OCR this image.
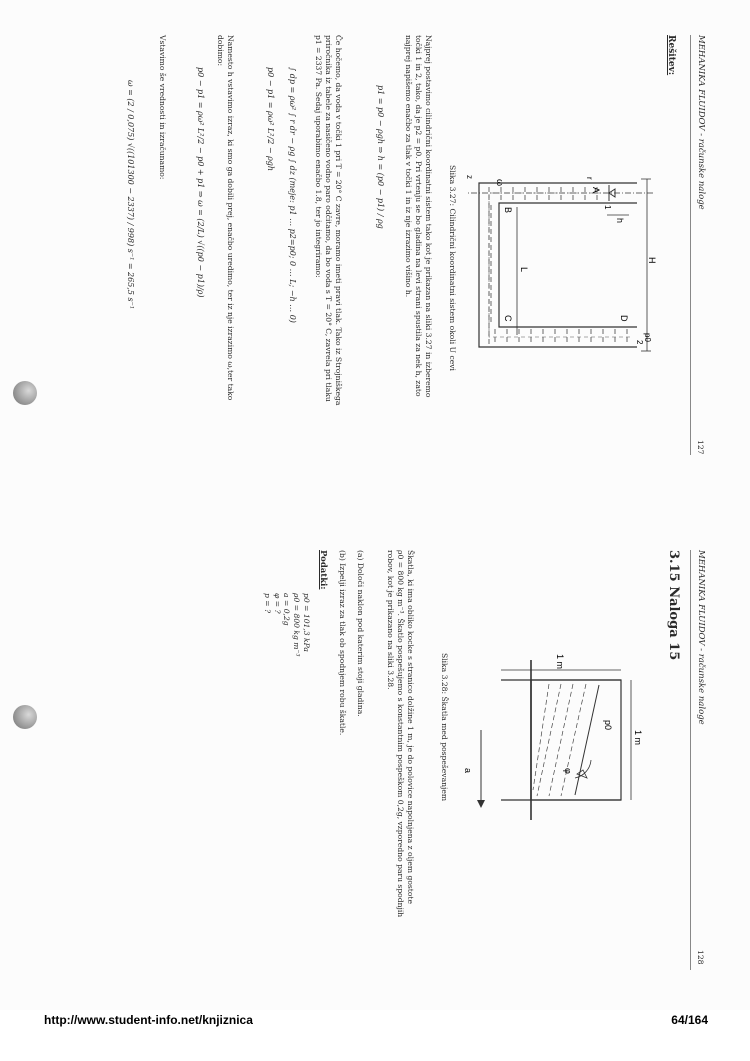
MEHANIKA FLUIDOV - računske naloge
127
Rešitev:
Najprej postavimo cilindrični koordinatni sistem tako kot je prikazan na sliki 3.27 in izberemo
točki 1 in 2, tako, da je p2 = p0. Pri vrtenju se bo gladina na levi strani spustila za nek h, zato
najprej napišemo enačbo za tlak v točki 1 in iz nje izrazimo višino h.	H
h
1
2
A
B
C	D
L
p0
z
ω
r
Slika 3.27: Cilindrični koordinatni sistem okoli U cevi
p1 = p0 − ρgh ⇒ h = (p0 − p1) / ρg
Če hočemo, da voda v točki 1 pri T = 20° C zavre, moramo imeti pravi tlak. Tako iz Strojniškega
priročnika iz tabele za nasičeno vodno paro odčitamo, da bo voda s T = 20° C, zavrela pri tlaku
p1 = 2337 Pa. Sedaj uporabimo enačbo 1.8, ter jo integriramo:
∫ dp = ρω² ∫ r dr − ρg ∫ dz (meje: p1 … p2=p0; 0 … L; −h … 0)
p0 − p1 = ρω² L²/2 − ρgh
Namesto h vstavimo izraz, ki smo ga dobili prej, enačbo uredimo, ter iz nje izrazimo ω,ter tako
dobimo:
p0 − p1 = ρω² L²/2 − p0 + p1 ⇒ ω = (2/L) √((p0 − p1)/ρ)
Vstavimo še vrednosti in izračunamo:
ω = (2 / 0,075) √((101300 − 2337) / 998) s⁻¹ = 265,5 s⁻¹
MEHANIKA FLUIDOV - računske naloge
128
3.15 Naloga 15
Škatla, ki ima obliko kocke s stranico dolžine 1 m, je do polovice napolnjena z oljem gostote
ρ0 = 800 kg m⁻³. Škatlo pospešujemo s konstantnim pospeškom 0,2g, vzporedno paru spodnjih
robov, kot je prikazano na sliki 3.28.
1 m
1 m
p0
φ
a
Slika 3.28: Škatla med pospeševanjem
(a) Določi naklon pod katerim stoji gladina.
(b) Izpelji izraz za tlak ob spodnjem robu škatle.
Podatki:
p0 = 101,3 kPa
ρ0 = 800 kg m⁻³
a = 0,2g
φ = ?
p = ?
http://www.student-info.net/knjiznica	64/164
